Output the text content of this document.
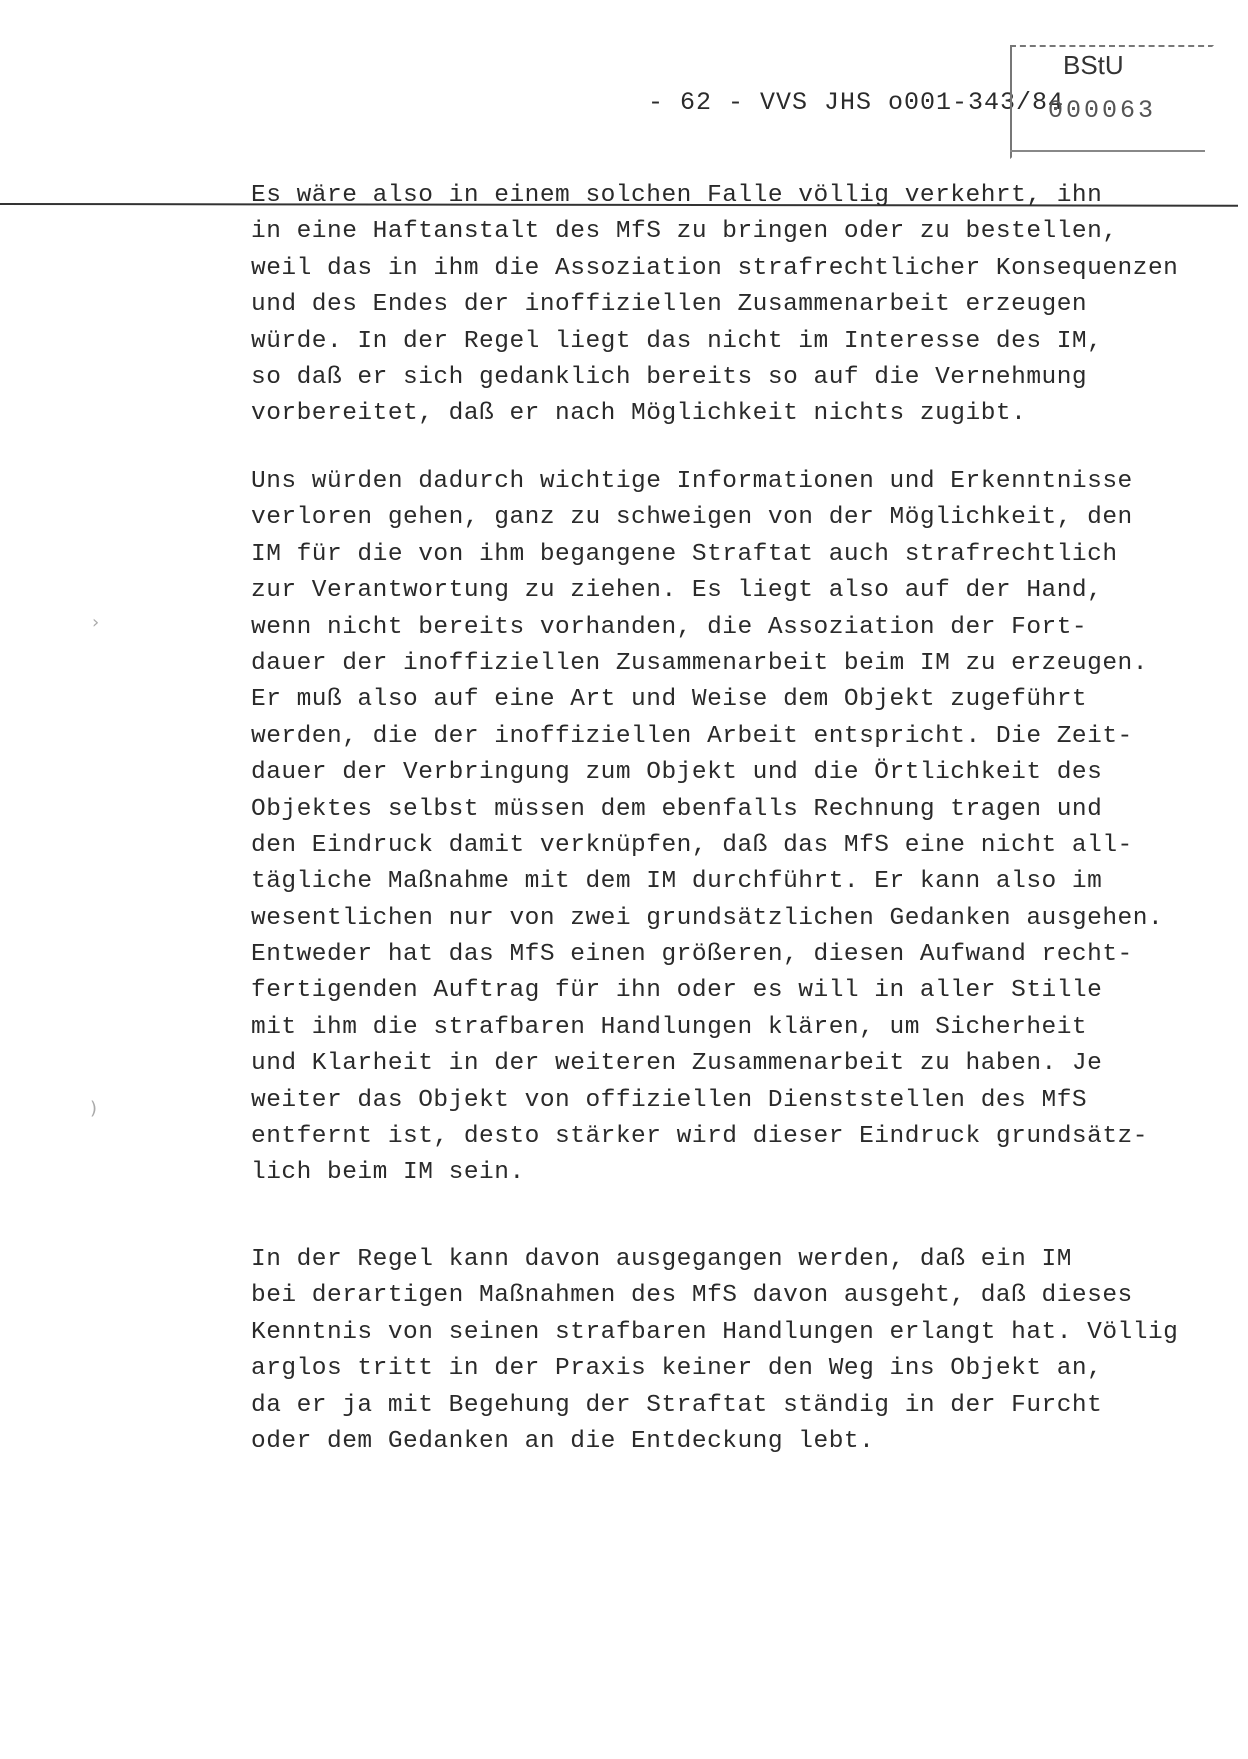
- 62 - VVS JHS o001-343/84
BStU
000063
Es wäre also in einem solchen Falle völlig verkehrt, ihn
in eine Haftanstalt des MfS zu bringen oder zu bestellen,
weil das in ihm die Assoziation strafrechtlicher Konsequenzen
und des Endes der inoffiziellen Zusammenarbeit erzeugen
würde. In der Regel liegt das nicht im Interesse des IM,
so daß er sich gedanklich bereits so auf die Vernehmung
vorbereitet, daß er nach Möglichkeit nichts zugibt.
Uns würden dadurch wichtige Informationen und Erkenntnisse
verloren gehen, ganz zu schweigen von der Möglichkeit, den
IM für die von ihm begangene Straftat auch strafrechtlich
zur Verantwortung zu ziehen. Es liegt also auf der Hand,
wenn nicht bereits vorhanden, die Assoziation der Fort-
dauer der inoffiziellen Zusammenarbeit beim IM zu erzeugen.
Er muß also auf eine Art und Weise dem Objekt zugeführt
werden, die der inoffiziellen Arbeit entspricht. Die Zeit-
dauer der Verbringung zum Objekt und die Örtlichkeit des
Objektes selbst müssen dem ebenfalls Rechnung tragen und
den Eindruck damit verknüpfen, daß das MfS eine nicht all-
tägliche Maßnahme mit dem IM durchführt. Er kann also im
wesentlichen nur von zwei grundsätzlichen Gedanken ausgehen.
Entweder hat das MfS einen größeren, diesen Aufwand recht-
fertigenden Auftrag für ihn oder es will in aller Stille
mit ihm die strafbaren Handlungen klären, um Sicherheit
und Klarheit in der weiteren Zusammenarbeit zu haben. Je
weiter das Objekt von offiziellen Dienststellen des MfS
entfernt ist, desto stärker wird dieser Eindruck grundsätz-
lich beim IM sein.
In der Regel kann davon ausgegangen werden, daß ein IM
bei derartigen Maßnahmen des MfS davon ausgeht, daß dieses
Kenntnis von seinen strafbaren Handlungen erlangt hat. Völlig
arglos tritt in der Praxis keiner den Weg ins Objekt an,
da er ja mit Begehung der Straftat ständig in der Furcht
oder dem Gedanken an die Entdeckung lebt.
›
)
